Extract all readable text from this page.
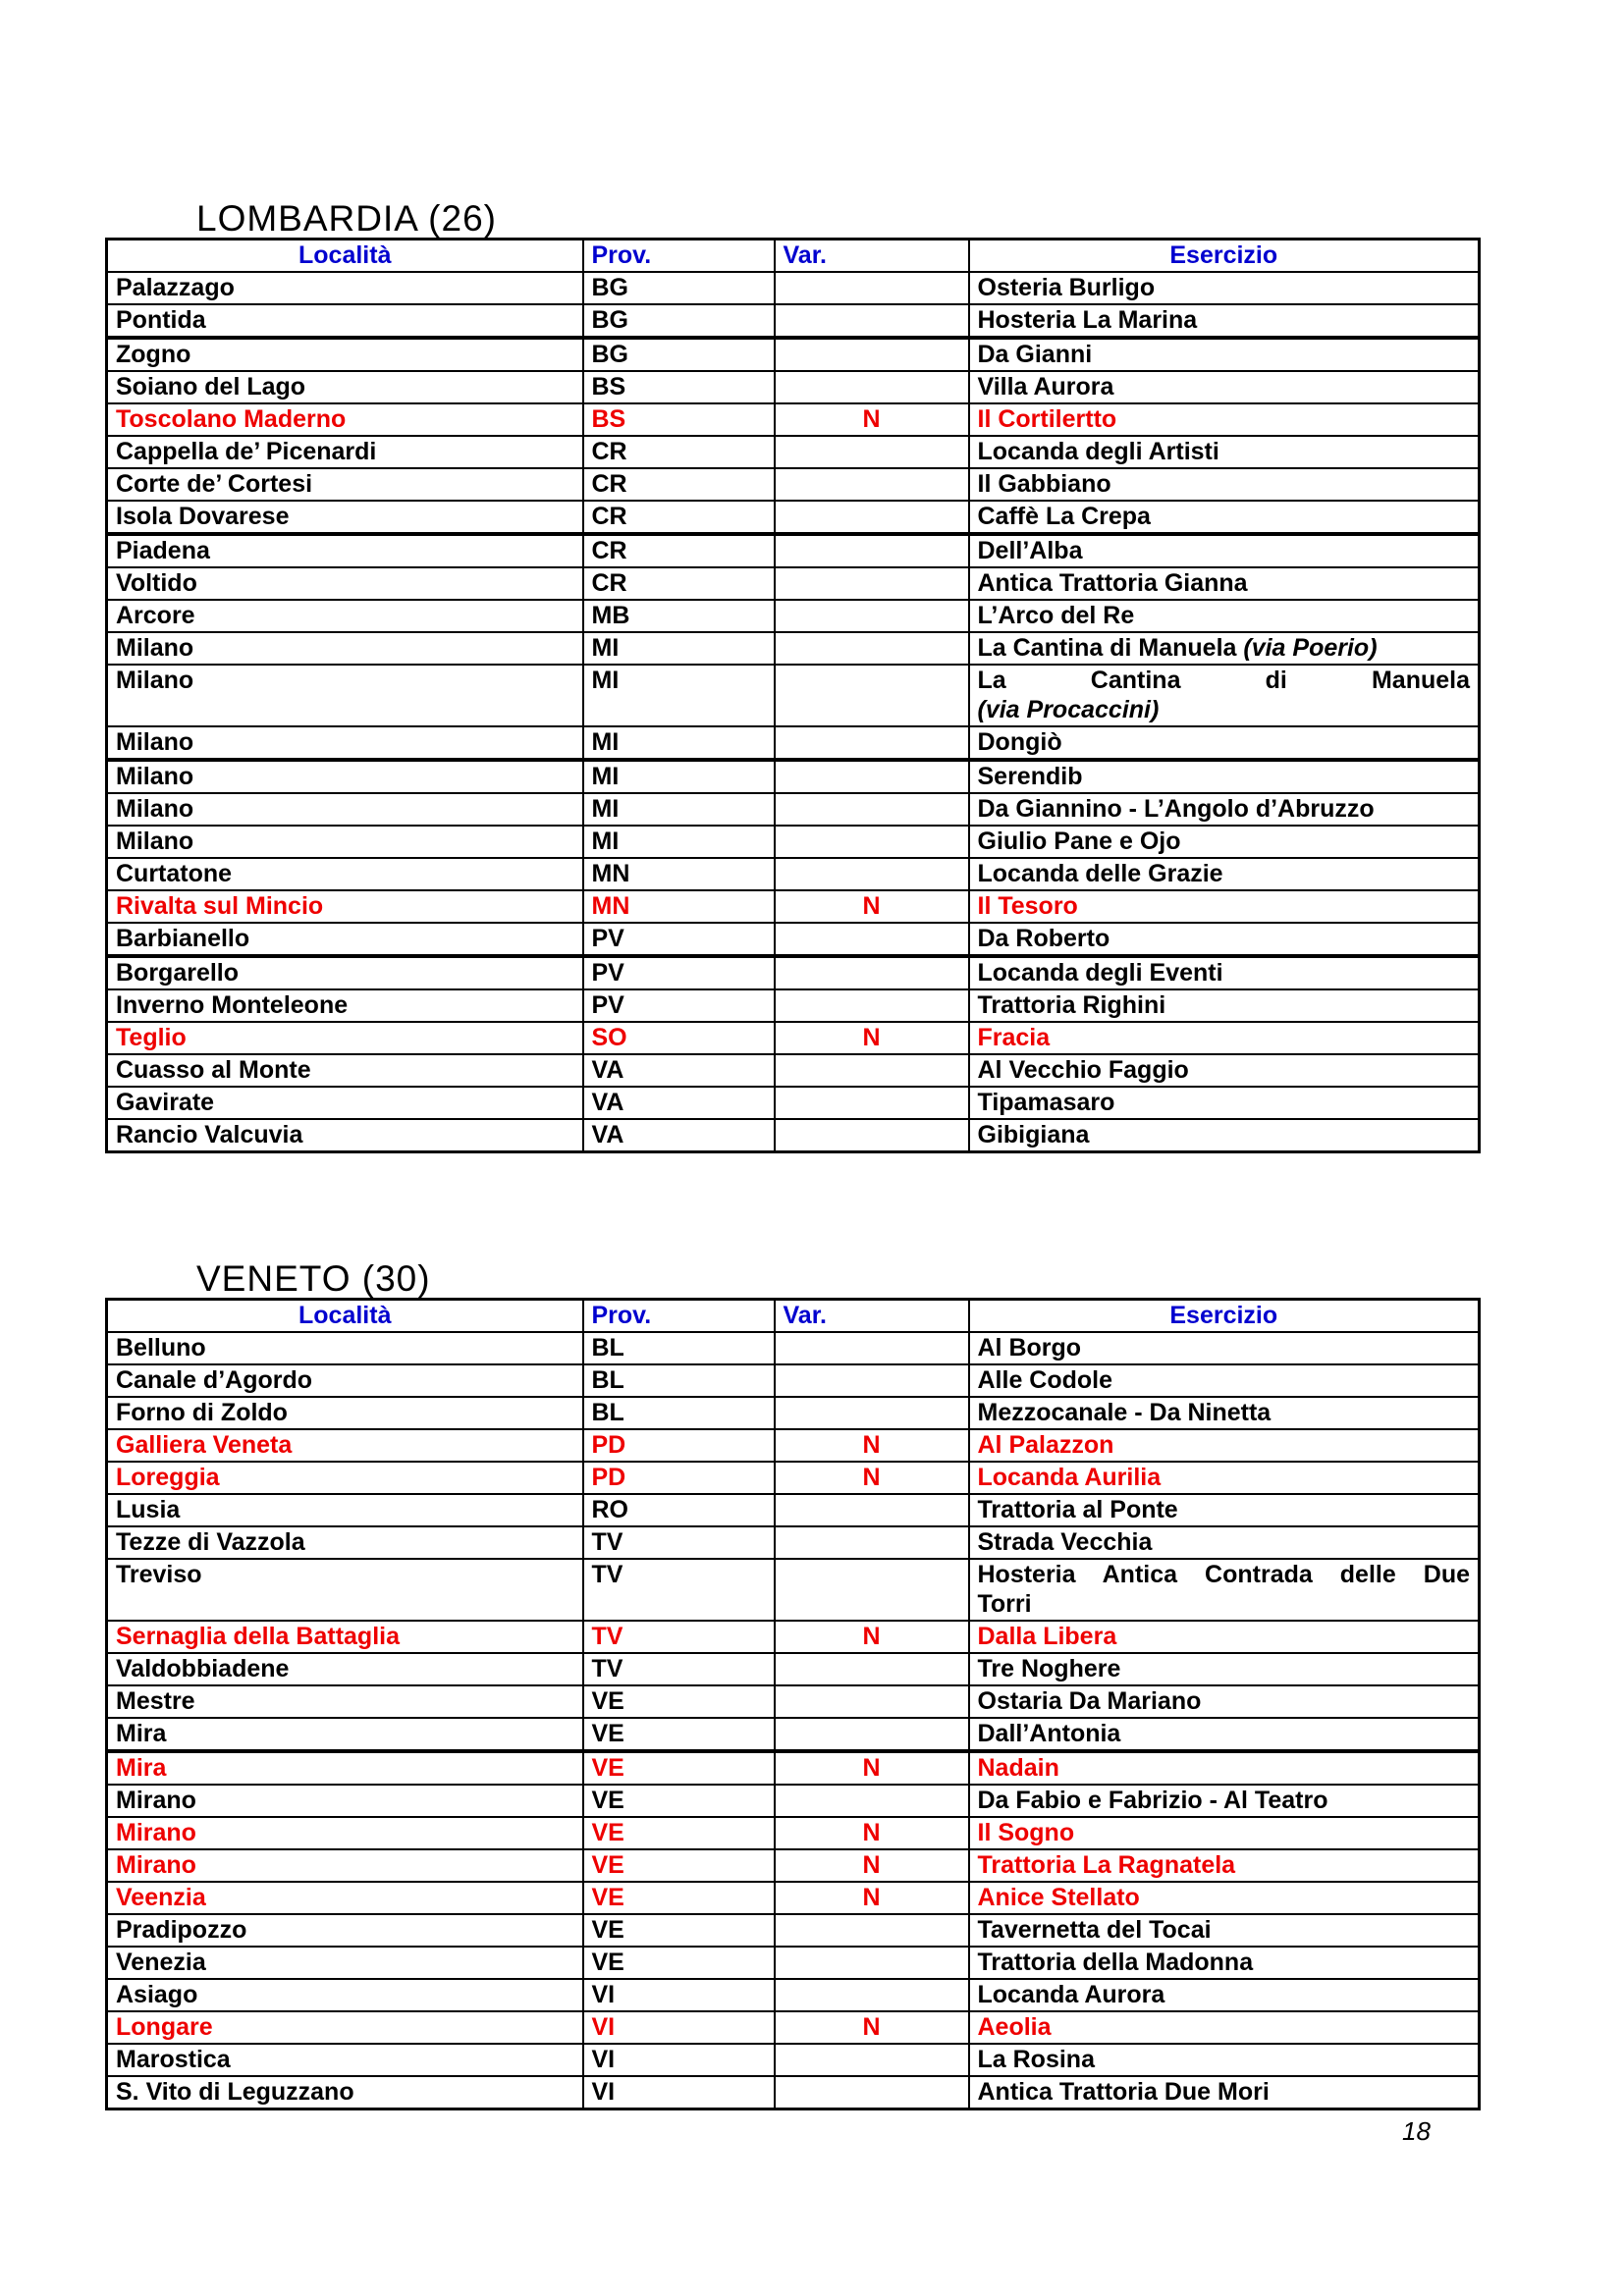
LOMBARDIA (26)
Località	Prov.	Var.	Esercizio
Palazzago	BG		Osteria Burligo

Pontida	BG		Hosteria La Marina

Zogno	BG		Da Gianni

Soiano del Lago	BS		Villa Aurora

Toscolano Maderno	BS	N	Il Cortilertto

Cappella de’ Picenardi	CR		Locanda degli Artisti

Corte de’ Cortesi	CR		Il Gabbiano

Isola Dovarese	CR		Caffè La Crepa

Piadena	CR		Dell’Alba

Voltido	CR		Antica Trattoria Gianna

Arcore	MB		L’Arco del Re

Milano	MI		La Cantina di Manuela (via Poerio)

Milano	MI		La Cantina di Manuela
(via Procaccini)

Milano	MI		Dongiò

Milano	MI		Serendib

Milano	MI		Da Giannino - L’Angolo d’Abruzzo

Milano	MI		Giulio Pane e Ojo

Curtatone	MN		Locanda delle Grazie

Rivalta sul Mincio	MN	N	Il Tesoro

Barbianello	PV		Da Roberto

Borgarello	PV		Locanda degli Eventi

Inverno Monteleone	PV		Trattoria Righini

Teglio	SO	N	Fracia

Cuasso al Monte	VA		Al Vecchio Faggio

Gavirate	VA		Tipamasaro

Rancio Valcuvia	VA		Gibigiana
VENETO (30)
Località	Prov.	Var.	Esercizio
Belluno	BL		Al Borgo

Canale d’Agordo	BL		Alle Codole

Forno di Zoldo	BL		Mezzocanale - Da Ninetta

Galliera Veneta	PD	N	Al Palazzon

Loreggia	PD	N	Locanda Aurilia

Lusia	RO		Trattoria al Ponte

Tezze di Vazzola	TV		Strada Vecchia

Treviso	TV		Hosteria Antica Contrada delle Due
Torri

Sernaglia della Battaglia	TV	N	Dalla Libera

Valdobbiadene	TV		Tre Noghere

Mestre	VE		Ostaria Da Mariano

Mira	VE		Dall’Antonia

Mira	VE	N	Nadain

Mirano	VE		Da Fabio e Fabrizio - Al Teatro

Mirano	VE	N	Il Sogno

Mirano	VE	N	Trattoria La Ragnatela

Veenzia	VE	N	Anice Stellato

Pradipozzo	VE		Tavernetta del Tocai

Venezia	VE		Trattoria della Madonna

Asiago	VI		Locanda Aurora

Longare	VI	N	Aeolia

Marostica	VI		La Rosina

S. Vito di Leguzzano	VI		Antica Trattoria Due Mori
18
